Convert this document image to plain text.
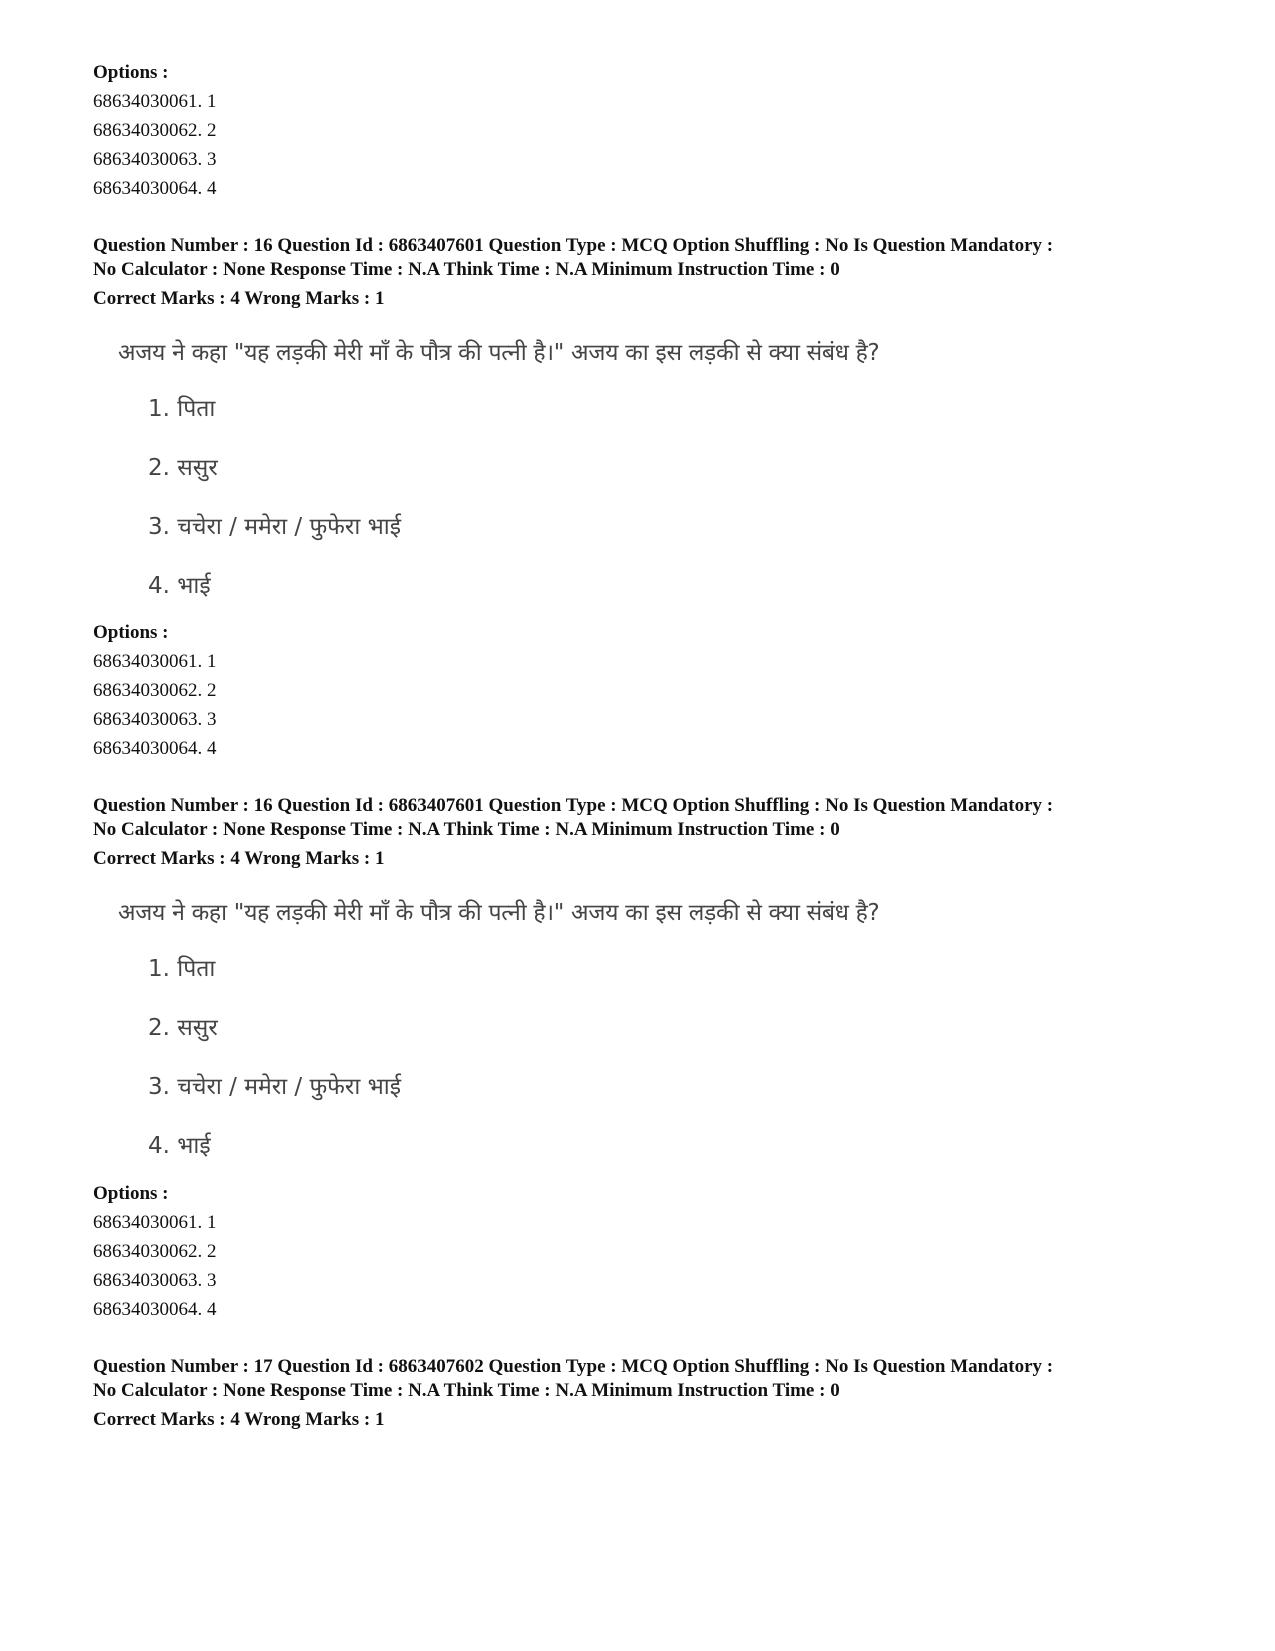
Options :
68634030061. 1
68634030062. 2
68634030063. 3
68634030064. 4
Question Number : 16 Question Id : 6863407601 Question Type : MCQ Option Shuffling : No Is Question Mandatory :
No Calculator : None Response Time : N.A Think Time : N.A Minimum Instruction Time : 0
Correct Marks : 4 Wrong Marks : 1
अजय ने कहा "यह लड़की मेरी माँ के पौत्र की पत्नी है।" अजय का इस लड़की से क्या संबंध है?
1. पिता
2. ससुर
3. चचेरा / ममेरा / फुफेरा भाई
4. भाई
Options :
68634030061. 1
68634030062. 2
68634030063. 3
68634030064. 4
Question Number : 16 Question Id : 6863407601 Question Type : MCQ Option Shuffling : No Is Question Mandatory :
No Calculator : None Response Time : N.A Think Time : N.A Minimum Instruction Time : 0
Correct Marks : 4 Wrong Marks : 1
अजय ने कहा "यह लड़की मेरी माँ के पौत्र की पत्नी है।" अजय का इस लड़की से क्या संबंध है?
1. पिता
2. ससुर
3. चचेरा / ममेरा / फुफेरा भाई
4. भाई
Options :
68634030061. 1
68634030062. 2
68634030063. 3
68634030064. 4
Question Number : 17 Question Id : 6863407602 Question Type : MCQ Option Shuffling : No Is Question Mandatory :
No Calculator : None Response Time : N.A Think Time : N.A Minimum Instruction Time : 0
Correct Marks : 4 Wrong Marks : 1
